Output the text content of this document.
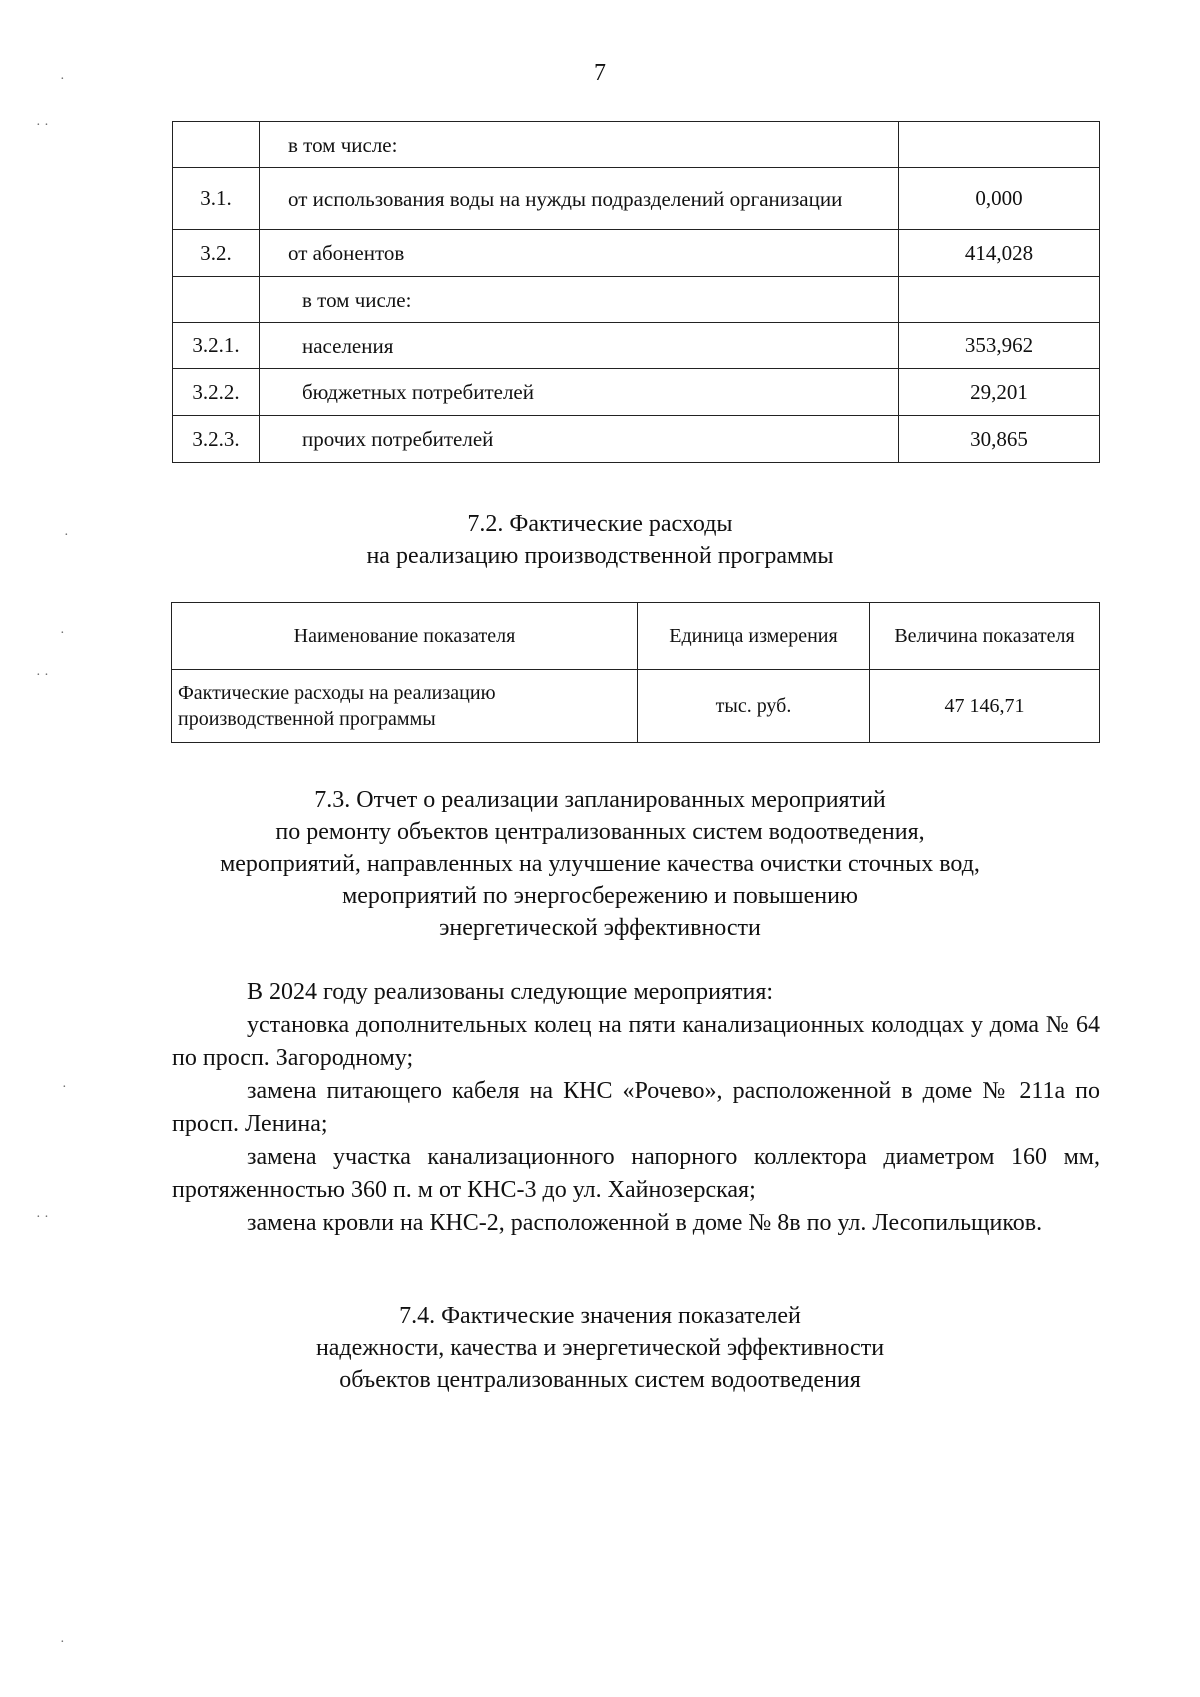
7
	в том числе:	
3.1.	от использования воды на нужды подразделений организации	0,000
3.2.	от абонентов	414,028
	в том числе:	
3.2.1.	населения	353,962
3.2.2.	бюджетных потребителей	29,201
3.2.3.	прочих потребителей	30,865
7.2. Фактические расходы
на реализацию производственной программы
Наименование показателя	Единица измерения	Величина показателя
Фактические расходы на реализацию производственной программы	тыс. руб.	47 146,71
7.3. Отчет о реализации запланированных мероприятий
по ремонту объектов централизованных систем водоотведения,
мероприятий, направленных на улучшение качества очистки сточных вод,
мероприятий по энергосбережению и повышению
энергетической эффективности
В 2024 году реализованы следующие мероприятия:
установка дополнительных колец на пяти канализационных колодцах у дома № 64 по просп. Загородному;
замена питающего кабеля на КНС «Рочево», расположенной в доме № 211а по просп. Ленина;
замена участка канализационного напорного коллектора диаметром 160 мм, протяженностью 360 п. м от КНС-3 до ул. Хайнозерская;
замена кровли на КНС-2, расположенной в доме № 8в по ул. Лесопильщиков.
7.4. Фактические значения показателей
надежности, качества и энергетической эффективности
объектов централизованных систем водоотведения
·
· ·
·
·
· ·
·
· ·
·
